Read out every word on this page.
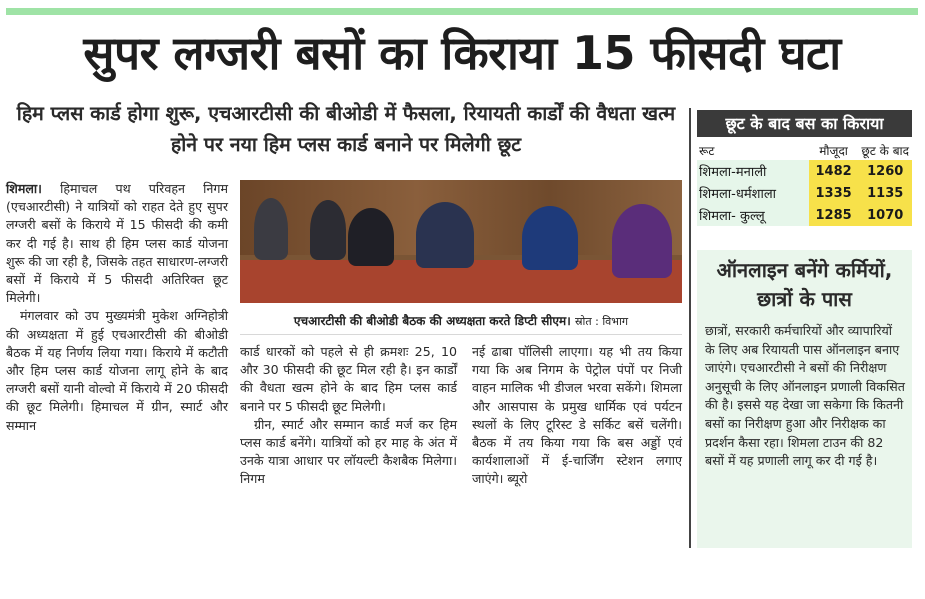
सुपर लग्जरी बसों का किराया 15 फीसदी घटा
हिम प्लस कार्ड होगा शुरू, एचआरटीसी की बीओडी में फैसला, रियायती कार्डों की वैधता खत्म होने पर नया हिम प्लस कार्ड बनाने पर मिलेगी छूट

शिमला। हिमाचल पथ परिवहन निगम (एचआरटीसी) ने यात्रियों को राहत देते हुए सुपर लग्जरी बसों के किराये में 15 फीसदी की कमी कर दी गई है। साथ ही हिम प्लस कार्ड योजना शुरू की जा रही है, जिसके तहत साधारण-लग्जरी बसों में किराये में 5 फीसदी अतिरिक्त छूट मिलेगी।

मंगलवार को उप मुख्यमंत्री मुकेश अग्निहोत्री की अध्यक्षता में हुई एचआरटीसी की बीओडी बैठक में यह निर्णय लिया गया। किराये में कटौती और हिम प्लस कार्ड योजना लागू होने के बाद लग्जरी बसों यानी वोल्वो में किराये में 20 फीसदी की छूट मिलेगी। हिमाचल में ग्रीन, स्मार्ट और सम्मान

एचआरटीसी की बीओडी बैठक की अध्यक्षता करते डिप्टी सीएम। स्रोत : विभाग

कार्ड धारकों को पहले से ही क्रमशः 25, 10 और 30 फीसदी की छूट मिल रही है। इन कार्डों की वैधता खत्म होने के बाद हिम प्लस कार्ड बनाने पर 5 फीसदी छूट मिलेगी।

ग्रीन, स्मार्ट और सम्मान कार्ड मर्ज कर हिम प्लस कार्ड बनेंगे। यात्रियों को हर माह के अंत में उनके यात्रा आधार पर लॉयल्टी कैशबैक मिलेगा। निगम

नई ढाबा पॉलिसी लाएगा। यह भी तय किया गया कि अब निगम के पेट्रोल पंपों पर निजी वाहन मालिक भी डीजल भरवा सकेंगे। शिमला और आसपास के प्रमुख धार्मिक एवं पर्यटन स्थलों के लिए टूरिस्ट डे सर्किट बसें चलेंगी। बैठक में तय किया गया कि बस अड्डों एवं कार्यशालाओं में ई-चार्जिंग स्टेशन लगाए जाएंगे। ब्यूरो

छूट के बाद बस का किराया
रूट	मौजूदा	छूट के बाद
शिमला-मनाली	1482	1260
शिमला-धर्मशाला	1335	1135
शिमला- कुल्लू	1285	1070
ऑनलाइन बनेंगे कर्मियों, छात्रों के पास

छात्रों, सरकारी कर्मचारियों और व्यापारियों के लिए अब रियायती पास ऑनलाइन बनाए जाएंगे। एचआरटीसी ने बसों की निरीक्षण अनुसूची के लिए ऑनलाइन प्रणाली विकसित की है। इससे यह देखा जा सकेगा कि कितनी बसों का निरीक्षण हुआ और निरीक्षक का प्रदर्शन कैसा रहा। शिमला टाउन की 82 बसों में यह प्रणाली लागू कर दी गई है।
